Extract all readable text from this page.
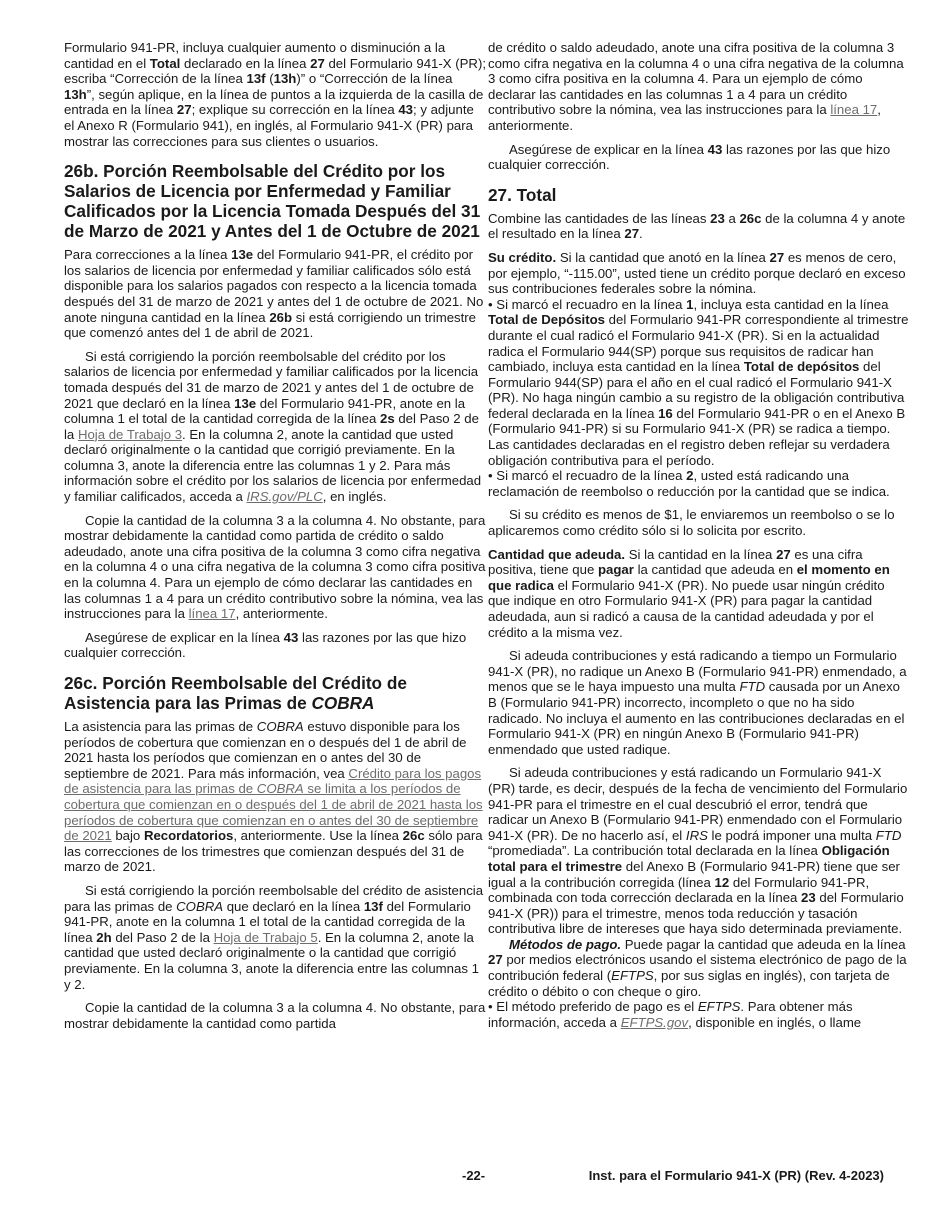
Formulario 941-PR, incluya cualquier aumento o disminución a la cantidad en el Total declarado en la línea 27 del Formulario 941-X (PR); escriba “Corrección de la línea 13f (13h)” o “Corrección de la línea 13h”, según aplique, en la línea de puntos a la izquierda de la casilla de entrada en la línea 27; explique su corrección en la línea 43; y adjunte el Anexo R (Formulario 941), en inglés, al Formulario 941-X (PR) para mostrar las correcciones para sus clientes o usuarios.

26b. Porción Reembolsable del Crédito por los Salarios de Licencia por Enfermedad y Familiar Calificados por la Licencia Tomada Después del 31 de Marzo de 2021 y Antes del 1 de Octubre de 2021

Para correcciones a la línea 13e del Formulario 941-PR, el crédito por los salarios de licencia por enfermedad y familiar calificados sólo está disponible para los salarios pagados con respecto a la licencia tomada después del 31 de marzo de 2021 y antes del 1 de octubre de 2021. No anote ninguna cantidad en la línea 26b si está corrigiendo un trimestre que comenzó antes del 1 de abril de 2021.

Si está corrigiendo la porción reembolsable del crédito por los salarios de licencia por enfermedad y familiar calificados por la licencia tomada después del 31 de marzo de 2021 y antes del 1 de octubre de 2021 que declaró en la línea 13e del Formulario 941-PR, anote en la columna 1 el total de la cantidad corregida de la línea 2s del Paso 2 de la Hoja de Trabajo 3. En la columna 2, anote la cantidad que usted declaró originalmente o la cantidad que corrigió previamente. En la columna 3, anote la diferencia entre las columnas 1 y 2. Para más información sobre el crédito por los salarios de licencia por enfermedad y familiar calificados, acceda a IRS.gov/PLC, en inglés.

Copie la cantidad de la columna 3 a la columna 4. No obstante, para mostrar debidamente la cantidad como partida de crédito o saldo adeudado, anote una cifra positiva de la columna 3 como cifra negativa en la columna 4 o una cifra negativa de la columna 3 como cifra positiva en la columna 4. Para un ejemplo de cómo declarar las cantidades en las columnas 1 a 4 para un crédito contributivo sobre la nómina, vea las instrucciones para la línea 17, anteriormente.

Asegúrese de explicar en la línea 43 las razones por las que hizo cualquier corrección.

26c. Porción Reembolsable del Crédito de Asistencia para las Primas de COBRA

La asistencia para las primas de COBRA estuvo disponible para los períodos de cobertura que comienzan en o después del 1 de abril de 2021 hasta los períodos que comienzan en o antes del 30 de septiembre de 2021. Para más información, vea Crédito para los pagos de asistencia para las primas de COBRA se limita a los períodos de cobertura que comienzan en o después del 1 de abril de 2021 hasta los períodos de cobertura que comienzan en o antes del 30 de septiembre de 2021 bajo Recordatorios, anteriormente. Use la línea 26c sólo para las correcciones de los trimestres que comienzan después del 31 de marzo de 2021.

Si está corrigiendo la porción reembolsable del crédito de asistencia para las primas de COBRA que declaró en la línea 13f del Formulario 941-PR, anote en la columna 1 el total de la cantidad corregida de la línea 2h del Paso 2 de la Hoja de Trabajo 5. En la columna 2, anote la cantidad que usted declaró originalmente o la cantidad que corrigió previamente. En la columna 3, anote la diferencia entre las columnas 1 y 2.

Copie la cantidad de la columna 3 a la columna 4. No obstante, para mostrar debidamente la cantidad como partida

de crédito o saldo adeudado, anote una cifra positiva de la columna 3 como cifra negativa en la columna 4 o una cifra negativa de la columna 3 como cifra positiva en la columna 4. Para un ejemplo de cómo declarar las cantidades en las columnas 1 a 4 para un crédito contributivo sobre la nómina, vea las instrucciones para la línea 17, anteriormente.

Asegúrese de explicar en la línea 43 las razones por las que hizo cualquier corrección.

27. Total

Combine las cantidades de las líneas 23 a 26c de la columna 4 y anote el resultado en la línea 27.

Su crédito. Si la cantidad que anotó en la línea 27 es menos de cero, por ejemplo, “-115.00”, usted tiene un crédito porque declaró en exceso sus contribuciones federales sobre la nómina.

• Si marcó el recuadro en la línea 1, incluya esta cantidad en la línea Total de Depósitos del Formulario 941-PR correspondiente al trimestre durante el cual radicó el Formulario 941-X (PR). Si en la actualidad radica el Formulario 944(SP) porque sus requisitos de radicar han cambiado, incluya esta cantidad en la línea Total de depósitos del Formulario 944(SP) para el año en el cual radicó el Formulario 941-X (PR). No haga ningún cambio a su registro de la obligación contributiva federal declarada en la línea 16 del Formulario 941-PR o en el Anexo B (Formulario 941-PR) si su Formulario 941-X (PR) se radica a tiempo. Las cantidades declaradas en el registro deben reflejar su verdadera obligación contributiva para el período.

• Si marcó el recuadro de la línea 2, usted está radicando una reclamación de reembolso o reducción por la cantidad que se indica.

Si su crédito es menos de $1, le enviaremos un reembolso o se lo aplicaremos como crédito sólo si lo solicita por escrito.

Cantidad que adeuda. Si la cantidad en la línea 27 es una cifra positiva, tiene que pagar la cantidad que adeuda en el momento en que radica el Formulario 941-X (PR). No puede usar ningún crédito que indique en otro Formulario 941-X (PR) para pagar la cantidad adeudada, aun si radicó a causa de la cantidad adeudada y por el crédito a la misma vez.

Si adeuda contribuciones y está radicando a tiempo un Formulario 941-X (PR), no radique un Anexo B (Formulario 941-PR) enmendado, a menos que se le haya impuesto una multa FTD causada por un Anexo B (Formulario 941-PR) incorrecto, incompleto o que no ha sido radicado. No incluya el aumento en las contribuciones declaradas en el Formulario 941-X (PR) en ningún Anexo B (Formulario 941-PR) enmendado que usted radique.

Si adeuda contribuciones y está radicando un Formulario 941-X (PR) tarde, es decir, después de la fecha de vencimiento del Formulario 941-PR para el trimestre en el cual descubrió el error, tendrá que radicar un Anexo B (Formulario 941-PR) enmendado con el Formulario 941-X (PR). De no hacerlo así, el IRS le podrá imponer una multa FTD “promediada”. La contribución total declarada en la línea Obligación total para el trimestre del Anexo B (Formulario 941-PR) tiene que ser igual a la contribución corregida (línea 12 del Formulario 941-PR, combinada con toda corrección declarada en la línea 23 del Formulario 941-X (PR)) para el trimestre, menos toda reducción y tasación contributiva libre de intereses que haya sido determinada previamente.

Métodos de pago. Puede pagar la cantidad que adeuda en la línea 27 por medios electrónicos usando el sistema electrónico de pago de la contribución federal (EFTPS, por sus siglas en inglés), con tarjeta de crédito o débito o con cheque o giro.

• El método preferido de pago es el EFTPS. Para obtener más información, acceda a EFTPS.gov, disponible en inglés, o llame

-22-	Inst. para el Formulario 941-X (PR) (Rev. 4-2023)
